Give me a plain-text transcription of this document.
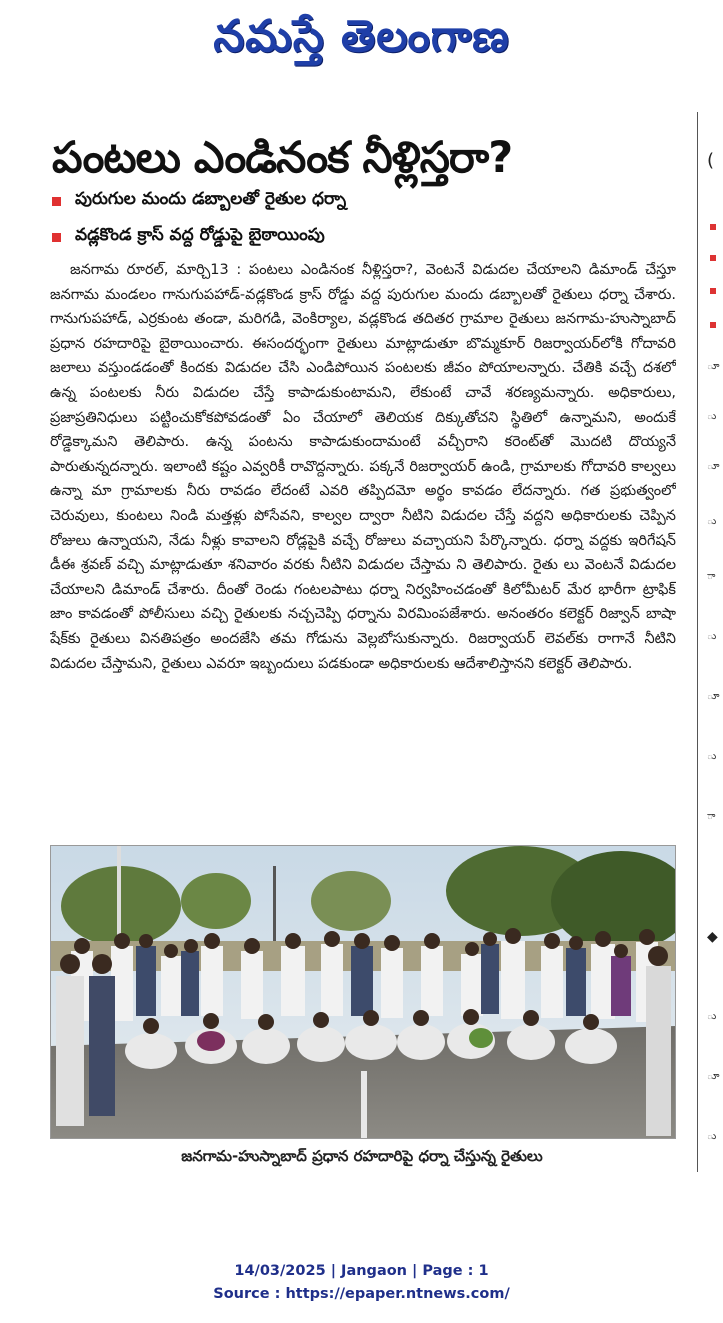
నమస్తే తెలంగాణ
(
ూ
ు
ూ
ు
ా
ు
ూ
ు
ా
◆
ు
ూ
ు
పంటలు ఎండినంక నీళ్లిస్తరా?
పురుగుల మందు డబ్బాలతో రైతుల ధర్నా
వడ్లకొండ క్రాస్ వద్ద రోడ్డుపై బైఠాయింపు
జనగామ రూరల్, మార్చి13 : పంటలు ఎండినంక నీళ్లిస్తరా?, వెంటనే విడుదల చేయాలని డిమాండ్ చేస్తూ జనగామ మండలం గానుగుపహాడ్-వడ్లకొండ క్రాస్ రోడ్డు వద్ద పురుగుల మందు డబ్బాలతో రైతులు ధర్నా చేశారు. గానుగుపహాడ్, ఎర్రకుంట తండా, మరిగడి, వెంకిర్యాల, వడ్లకొండ తదితర గ్రామాల రైతులు జనగామ-హుస్నాబాద్ ప్రధాన రహదారిపై బైఠాయించారు. ఈసందర్భంగా రైతులు మాట్లాడుతూ బొమ్మకూర్ రిజర్వాయర్‌లోకి గోదావరి జలాలు వస్తుండడంతో కిందకు విడుదల చేసి ఎండిపోయిన పంటలకు జీవం పోయాలన్నారు. చేతికి వచ్చే దశలో ఉన్న పంటలకు నీరు విడుదల చేస్తే కాపాడుకుంటామని, లేకుంటే చావే శరణ్యమన్నారు. అధికారులు, ప్రజాప్రతినిధులు పట్టించుకోకపోవడంతో ఏం చేయాలో తెలియక దిక్కుతోచని స్థితిలో ఉన్నామని, అందుకే రోడ్డెక్కామని తెలిపారు. ఉన్న పంటను కాపాడుకుందామంటే వచ్చీరాని కరెంట్‌తో మొదటి దొయ్యనే పారుతున్నదన్నారు. ఇలాంటి కష్టం ఎవ్వరికీ రావొద్దన్నారు. పక్కనే రిజర్వాయర్ ఉండి, గ్రామాలకు గోదావరి కాల్వలు ఉన్నా మా గ్రామాలకు నీరు రావడం లేదంటే ఎవరి తప్పిదమో అర్థం కావడం లేదన్నారు. గత ప్రభుత్వంలో చెరువులు, కుంటలు నిండి మత్తళ్లు పోసేవని, కాల్వల ద్వారా నీటిని విడుదల చేస్తే వద్దని అధికారులకు చెప్పిన రోజులు ఉన్నాయని, నేడు నీళ్లు కావాలని రోడ్లపైకి వచ్చే రోజులు వచ్చాయని పేర్కొన్నారు. ధర్నా వద్దకు ఇరిగేషన్ డీఈ శ్రవణ్ వచ్చి మాట్లాడుతూ శనివారం వరకు నీటిని విడుదల చేస్తామ ని తెలిపారు. రైతు లు వెంటనే విడుదల చేయాలని డిమాండ్ చేశారు. దీంతో రెండు గంటలపాటు ధర్నా నిర్వహించడంతో కిలోమీటర్ మేర భారీగా ట్రాఫిక్ జాం కావడంతో పోలీసులు వచ్చి రైతులకు నచ్చచెప్పి ధర్నాను విరమింపజేశారు. అనంతరం కలెక్టర్ రిజ్వాన్ బాషా షేక్‌కు రైతులు వినతిపత్రం అందజేసి తమ గోడును వెల్లబోసుకున్నారు. రిజర్వాయర్ లెవల్‌కు రాగానే నీటిని విడుదల చేస్తామని, రైతులు ఎవరూ ఇబ్బందులు పడకుండా అధికారులకు ఆదేశాలిస్తానని కలెక్టర్ తెలిపారు.
జనగామ-హుస్నాబాద్ ప్రధాన రహదారిపై ధర్నా చేస్తున్న రైతులు
14/03/2025 | Jangaon | Page : 1
Source : https://epaper.ntnews.com/
